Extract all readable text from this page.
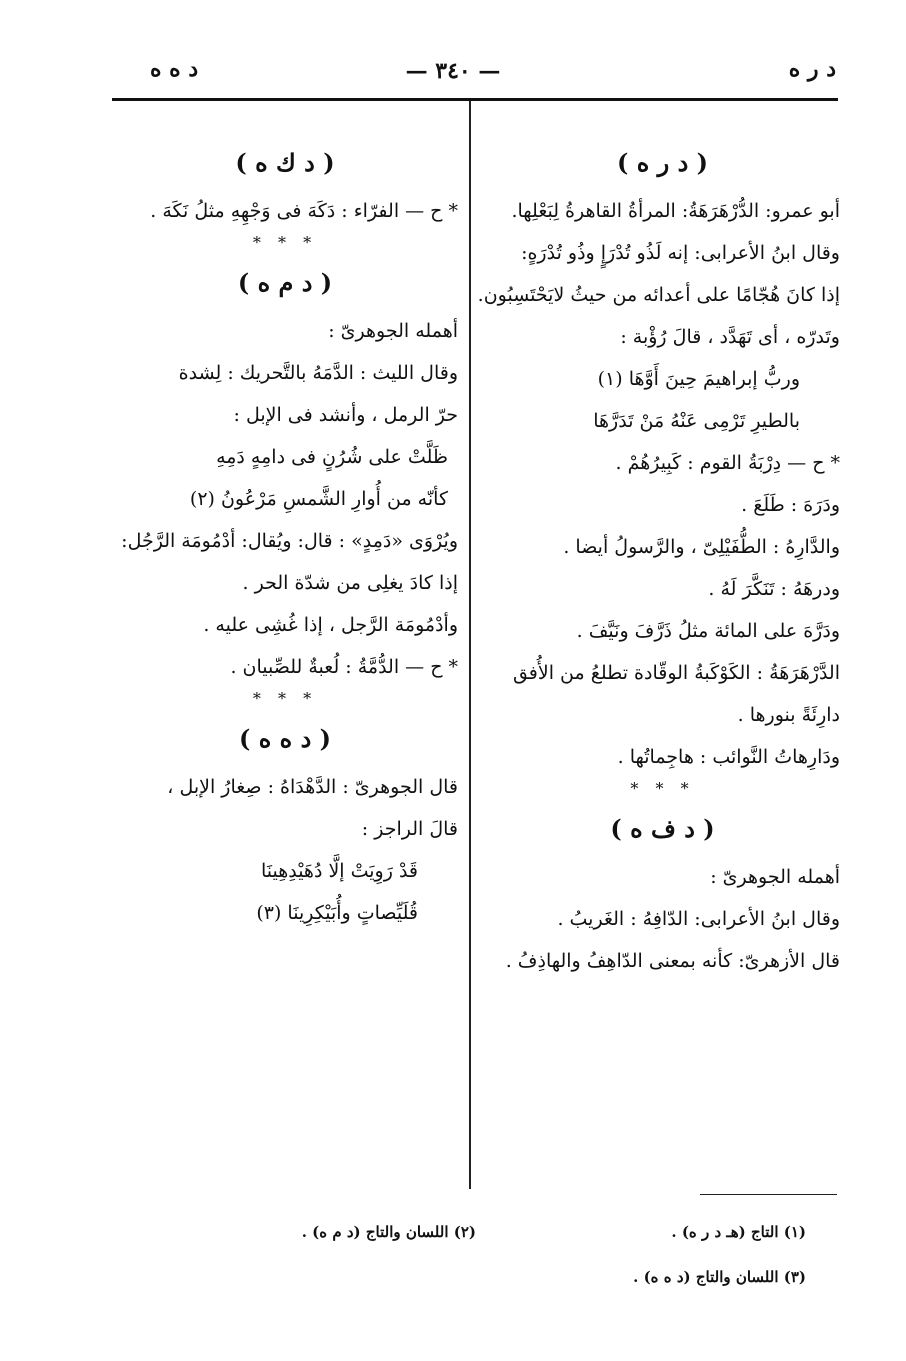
د ر ه
— ٣٤٠ —
د ه ه
( د ر ه )
أبو عمرو: الدُّرْهَرَهَةُ: المرأةُ القاهرةُ لِبَعْلِها.
وقال ابنُ الأعرابى: إنه لَذُو تُدْرَإٍ وذُو تُدْرَهٍ:
إذا كانَ هُجّامًا على أعدائه من حيثُ لايَحْتَسِبُون.
وتَدرّه ، أى تَهَدَّد ، قالَ رُؤْبة :
وربُّ إبراهيمَ حِينَ أَوَّهَا (١)
بالطيرِ تَرْمِى عَنْهُ مَنْ تَدَرَّهَا
* ح — دِرْبَةُ القوم : كَبِيرُهُمْ .
ودَرَهَ : طَلَعَ .
والدَّارِهُ : الطُّفَيْلِىّ ، والرَّسولُ أيضا .
ودرهَهُ : تَنَكَّرَ لَهُ .
ودَرَّهَ على المائة مثلُ ذَرَّفَ ونَيَّفَ .
الدَّرْهَرَهَةُ : الكَوْكَبةُ الوقّادة تطلعُ من الأُفق
دارِئَةً بنورها .
ودَارِهاتُ النَّوائب : هاجِماتُها .
* * *
( د ف ه )
أهمله الجوهرىّ :
وقال ابنُ الأعرابى: الدّافِهُ : الغَريبُ .
قال الأزهرىّ: كأنه بمعنى الدّاهِفُ والهاذِفُ .
( د ك ه )
* ح — الفرّاء : دَكَهَ فى وَجْهِهِ مثلُ نَكَهَ .
* * *
( د م ه )
أهمله الجوهرىّ :
وقال الليث : الدَّمَهُ بالتَّحريك : لِشدة
حرّ الرمل ، وأنشد فى الإبل :
ظَلَّتْ على شُرُنٍ فى دامِهٍ دَمِهِ
كأنّه من أُوارِ الشَّمسِ مَرْعُونُ (٢)
ويُرْوَى «دَمِدٍ» : قال: ويُقال: أدْمُومَة الرَّجُل:
إذا كادَ يغلِى من شدّة الحر .
وأدْمُومَة الرَّجل ، إذا غُشِى عليه .
* ح — الدُّمَّةُ : لُعبةٌ للصِّبيان .
* * *
( د ه ه )
قال الجوهرىّ : الدَّهْدَاهُ : صِغارُ الإبل ،
قالَ الراجز :
قَدْ رَوِيَتْ إلَّا دُهَيْدِهِينَا
قُلَيِّصاتٍ وأُبَيْكِرِينَا (٣)
(١) التاج (هـ د ر ه) .
(٢) اللسان والتاج (د م ه) .
(٣) اللسان والتاج (د ه ه) .
